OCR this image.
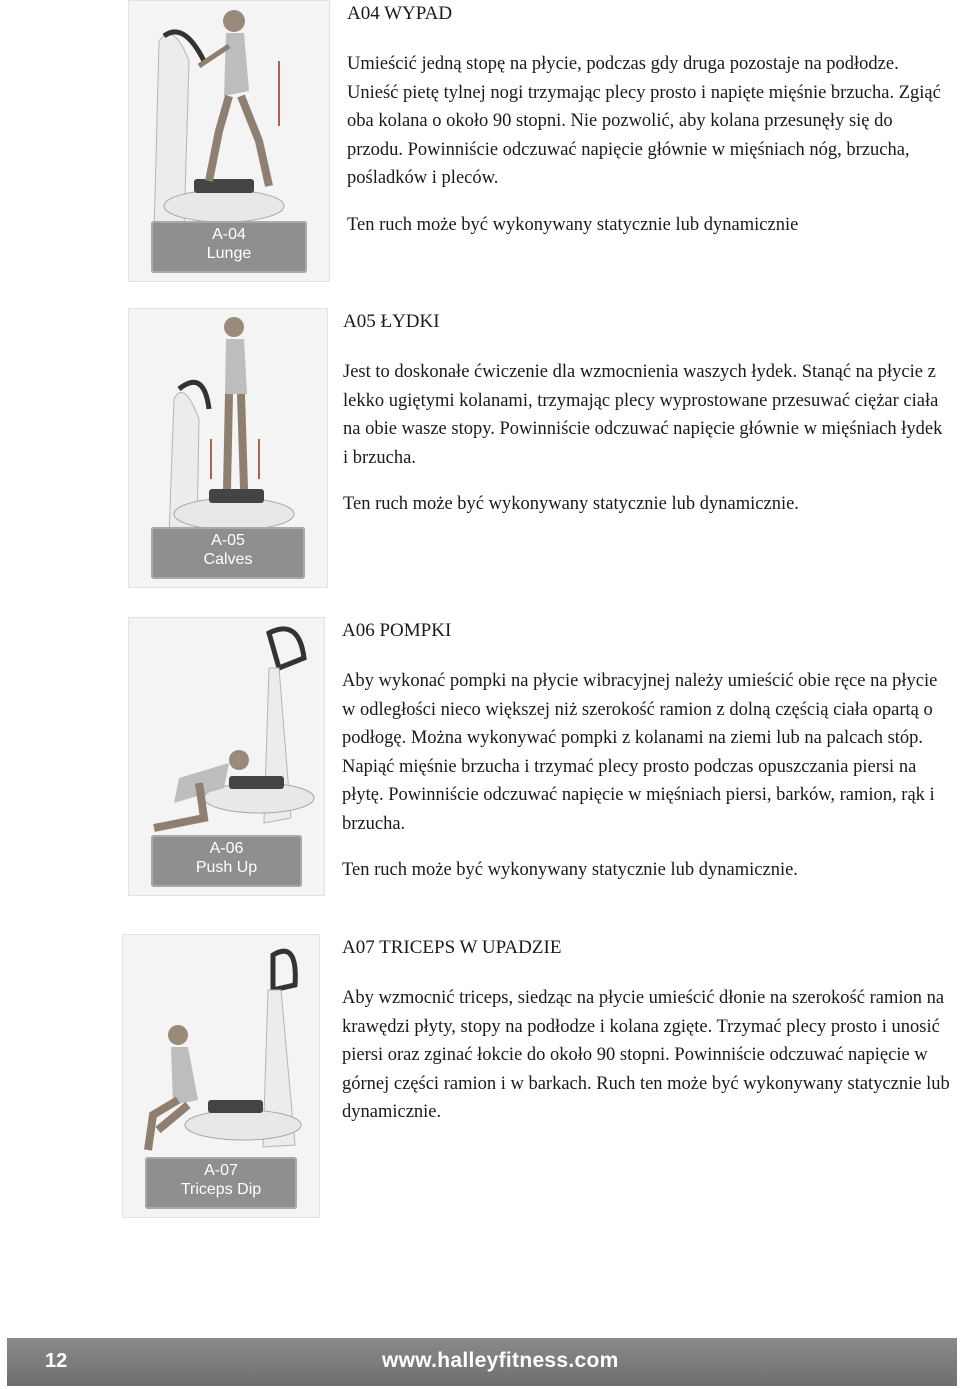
A-04
Lunge
A04 WYPAD

Umieścić jedną stopę na płycie, podczas gdy druga pozostaje na podłodze. Unieść pietę tylnej nogi trzymając plecy prosto i napięte mięśnie brzucha. Zgiąć oba kolana o około 90 stopni. Nie pozwolić, aby kolana przesunęły się do przodu. Powinniście odczuwać napięcie głównie w mięśniach nóg, brzucha, pośladków i pleców.

Ten ruch może być wykonywany statycznie lub dynamicznie

A-05
Calves
A05 ŁYDKI

Jest to doskonałe ćwiczenie dla wzmocnienia waszych łydek. Stanąć na płycie z lekko ugiętymi kolanami, trzymając plecy wyprostowane przesuwać ciężar ciała na obie wasze stopy. Powinniście odczuwać napięcie głównie w mięśniach łydek i brzucha.

Ten ruch może być wykonywany statycznie lub dynamicznie.

A-06
Push Up
A06 POMPKI

Aby wykonać pompki na płycie wibracyjnej należy umieścić obie ręce na płycie w odległości nieco większej niż szerokość ramion z dolną częścią ciała opartą o podłogę. Można wykonywać pompki z kolanami na ziemi lub na palcach stóp. Napiąć mięśnie brzucha i trzymać plecy prosto podczas opuszczania piersi na płytę. Powinniście odczuwać napięcie w mięśniach piersi, barków, ramion, rąk i brzucha.

Ten ruch może być wykonywany statycznie lub dynamicznie.

A-07
Triceps Dip
A07 TRICEPS W UPADZIE

Aby wzmocnić triceps, siedząc na płycie umieścić dłonie na szerokość ramion na krawędzi płyty, stopy na podłodze i kolana zgięte. Trzymać plecy prosto i unosić piersi oraz zginać łokcie do około 90 stopni. Powinniście odczuwać napięcie w górnej części ramion i w barkach. Ruch ten może być wykonywany statycznie lub dynamicznie.

12	www.halleyfitness.com
